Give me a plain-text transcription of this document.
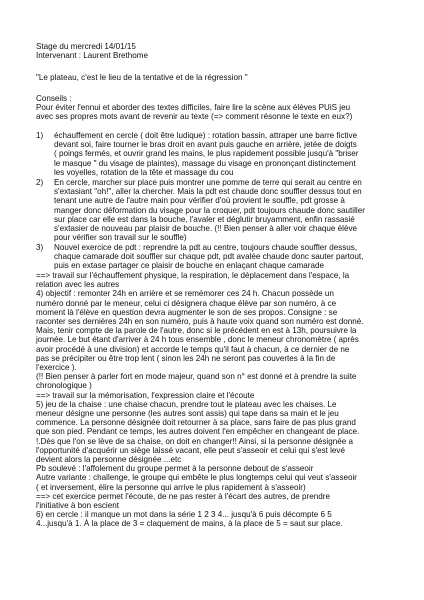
Stage du mercredi 14/01/15
Intervenant : Laurent Brethome
"Le plateau, c'est le lieu de la tentative et de la régression "
Conseils :
Pour éviter l'ennui et aborder des textes difficiles, faire lire la scène aux élèves PUiS jeu
avec ses propres mots avant de revenir au texte (=> comment résonne le texte en eux?)
1) échauffement en cercle ( doit être ludique) : rotation bassin, attraper une barre fictive
devant soi, faire tourner le bras droit en avant puis gauche en arrière, jetée de doigts
( poings fermés, et ouvrir grand les mains, le plus rapidement possible jusqu'à "briser
le masque " du visage de plaintes), massage du visage en prononçant distinctement
les voyelles, rotation de la tête et massage du cou
2) En cercle, marcher sur place puis montrer une pomme de terre qui serait au centre en
s'extasiant "oh!", aller la chercher. Mais la pdt est chaude donc souffler dessus tout en
tenant une autre de l'autre main pour vérifier d'où provient le souffle, pdt grosse à
manger donc déformation du visage pour la croquer, pdt toujours chaude donc sautiller
sur place car elle est dans la bouche, l'avaler et déglutir bruyamment, enfin rassasié
s'extasier de nouveau par plaisir de bouche. (!! Bien penser à aller voir chaque élève
pour vérifier son travail sur le souffle)
3) Nouvel exercice de pdt : reprendre la pdt au centre, toujours chaude souffler dessus,
chaque camarade doit souffler sur chaque pdt, pdt avalée chaude donc sauter partout,
puis en extase partager ce plaisir de bouche en enlaçant chaque camarade
==> travail sur l'échauffement physique, la respiration, le déplacement dans l'espace, la
relation avec les autres
4) objectif : remonter 24h en arrière et se remémorer ces 24 h. Chacun possède un
numéro donné par le meneur, celui ci désignera chaque élève par son numéro, à ce
moment là l'élève en question devra augmenter le son de ses propos. Consigne : se
raconter ses dernières 24h en son numéro, puis à haute voix quand son numéro est donné.
Mais, tenir compte de la parole de l'autre, donc si le précédent en est à 13h, poursuivre la
journée. Le but étant d'arriver à 24 h tous ensemble , donc le meneur chronomètre ( après
avoir procédé à une division) et accorde le temps qu'il faut à chacun, à ce dernier de ne
pas se précipiter ou être trop lent ( sinon les 24h ne seront pas couvertes à la fin de
l'exercice ).
(!! Bien penser à parler fort en mode majeur, quand son n° est donné et à prendre la suite
chronologique )
==> travail sur la mémorisation, l'expression claire et l'écoute
5) jeu de la chaise : une chaise chacun, prendre tout le plateau avec les chaises. Le
meneur désigne une personne (les autres sont assis) qui tape dans sa main et le jeu
commence. La personne désignée doit retourner à sa place, sans faire de pas plus grand
que son pied. Pendant ce temps, les autres doivent l'en empêcher en changeant de place.
!.Dès que l'on se lève de sa chaise, on doit en changer!! Ainsi, si la personne désignée a
l'opportunité d'acquérir un siège laissé vacant, elle peut s'asseoir et celui qui s'est levé
devient alors la personne désignée ...etc
Pb soulevé : l'affolement du groupe permet à la personne debout de s'asseoir
Autre variante : challenge, le groupe qui embête le plus longtemps celui qui veut s'asseoir
( et inversement, élire la personne qui arrive le plus rapidement à s'asseoir)
==> cet exercice permet l'écoute, de ne pas rester à l'écart des autres, de prendre
l'initiative à bon escient
6) en cercle : il manque un mot dans la série 1 2 3 4... jusqu'à 6 puis décompte 6 5
4...jusqu'à 1. À la place de 3 = claquement de mains, à la place de 5 = saut sur place.
